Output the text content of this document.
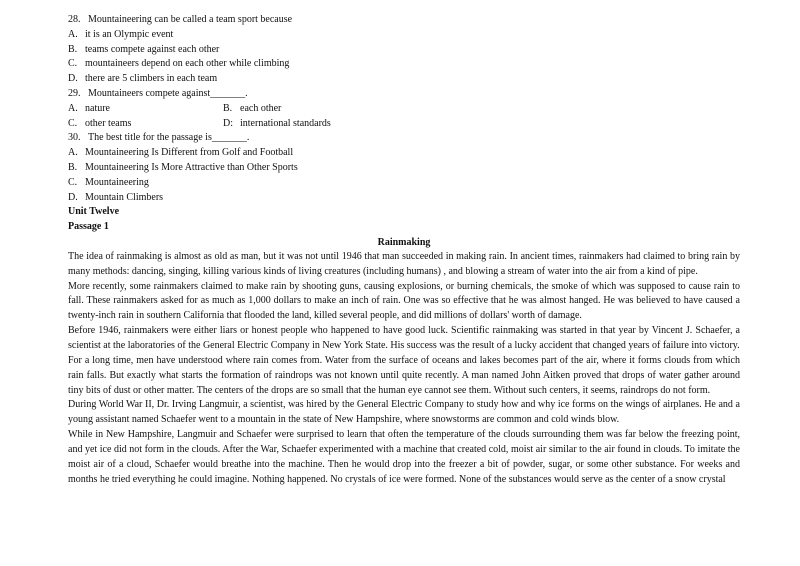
28. Mountaineering can be called a team sport because
A. it is an Olympic event
B. teams compete against each other
C. mountaineers depend on each other while climbing
D. there are 5 climbers in each team
29. Mountaineers compete against_______.
A. nature	B. each other
C. other teams	D: international standards
30. The best title for the passage is_______.
A. Mountaineering Is Different from Golf and Football
B. Mountaineering Is More Attractive than Other Sports
C. Mountaineering
D. Mountain Climbers
Unit Twelve
Passage 1
Rainmaking

The idea of rainmaking is almost as old as man, but it was not until 1946 that man succeeded in making rain. In ancient times, rainmakers had claimed to bring rain by many methods: dancing, singing, killing various kinds of living creatures (including humans) , and blowing a stream of water into the air from a kind of pipe.

More recently, some rainmakers claimed to make rain by shooting guns, causing explosions, or burning chemicals, the smoke of which was supposed to cause rain to fall. These rainmakers asked for as much as 1,000 dollars to make an inch of rain. One was so effective that he was almost hanged. He was believed to have caused a twenty-inch rain in southern California that flooded the land, killed several people, and did millions of dollars' worth of damage.

Before 1946, rainmakers were either liars or honest people who happened to have good luck. Scientific rainmaking was started in that year by Vincent J. Schaefer, a scientist at the laboratories of the General Electric Company in New York State. His success was the result of a lucky accident that changed years of failure into victory.

For a long time, men have understood where rain comes from. Water from the surface of oceans and lakes becomes part of the air, where it forms clouds from which rain falls. But exactly what starts the formation of raindrops was not known until quite recently. A man named John Aitken proved that drops of water gather around tiny bits of dust or other matter. The centers of the drops are so small that the human eye cannot see them. Without such centers, it seems, raindrops do not form.

During World War II, Dr. Irving Langmuir, a scientist, was hired by the General Electric Company to study how and why ice forms on the wings of airplanes. He and a young assistant named Schaefer went to a mountain in the state of New Hampshire, where snowstorms are common and cold winds blow.

While in New Hampshire, Langmuir and Schaefer were surprised to learn that often the temperature of the clouds surrounding them was far below the freezing point, and yet ice did not form in the clouds. After the War, Schaefer experimented with a machine that created cold, moist air similar to the air found in clouds. To imitate the moist air of a cloud, Schaefer would breathe into the machine. Then he would drop into the freezer a bit of powder, sugar, or some other substance. For weeks and months he tried everything he could imagine. Nothing happened. No crystals of ice were formed. None of the substances would serve as the center of a snow crystal
